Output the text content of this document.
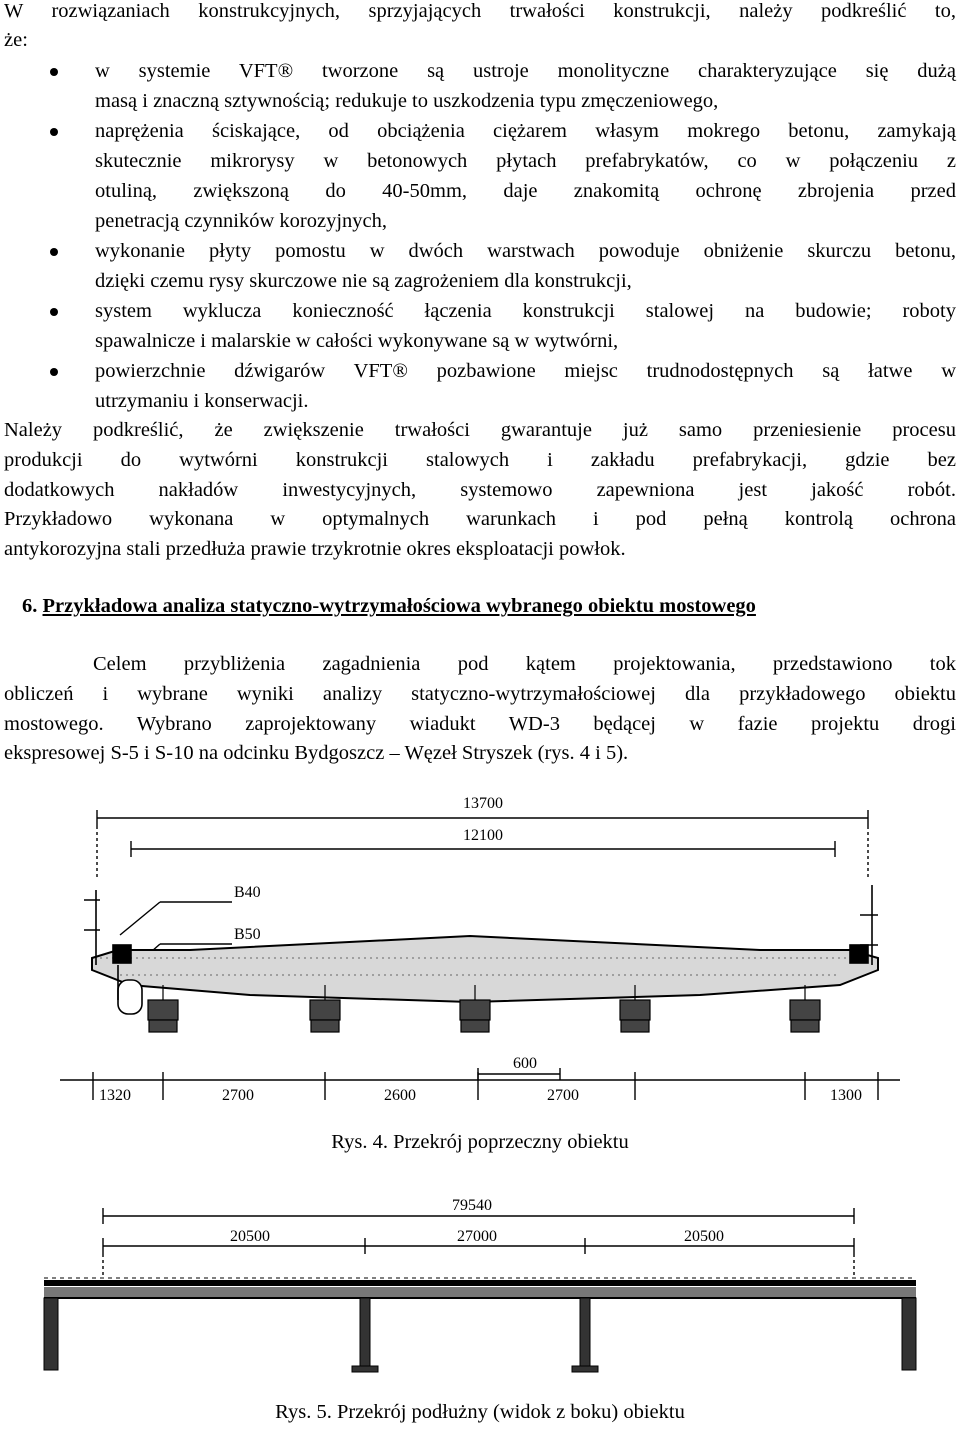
W rozwiązaniach konstrukcyjnych, sprzyjających trwałości konstrukcji, należy podkreślić to,
że:
w systemie VFT® tworzone są ustroje monolityczne charakteryzujące się dużą
masą i znaczną sztywnością; redukuje to uszkodzenia typu zmęczeniowego,
naprężenia ściskające, od obciążenia ciężarem własym mokrego betonu, zamykają
skutecznie mikrorysy w betonowych płytach prefabrykatów, co w połączeniu z
otuliną, zwiększoną do 40-50mm, daje znakomitą ochronę zbrojenia przed
penetracją czynników korozyjnych,
wykonanie płyty pomostu w dwóch warstwach powoduje obniżenie skurczu betonu,
dzięki czemu rysy skurczowe nie są zagrożeniem dla konstrukcji,
system wyklucza konieczność łączenia konstrukcji stalowej na budowie; roboty
spawalnicze i malarskie w całości wykonywane są w wytwórni,
powierzchnie dźwigarów VFT® pozbawione miejsc trudnodostępnych są łatwe w
utrzymaniu i konserwacji.
Należy podkreślić, że zwiększenie trwałości gwarantuje już samo przeniesienie procesu
produkcji do wytwórni konstrukcji stalowych i zakładu prefabrykacji, gdzie bez
dodatkowych nakładów inwestycyjnych, systemowo zapewniona jest jakość robót.
Przykładowo wykonana w optymalnych warunkach i pod pełną kontrolą ochrona
antykorozyjna stali przedłuża prawie trzykrotnie okres eksploatacji powłok.
6. Przykładowa analiza statyczno-wytrzymałościowa wybranego obiektu mostowego
Celem przybliżenia zagadnienia pod kątem projektowania, przedstawiono tok
obliczeń i wybrane wyniki analizy statyczno-wytrzymałościowej dla przykładowego obiektu
mostowego. Wybrano zaprojektowany wiadukt WD-3 będącej w fazie projektu drogi
ekspresowej S-5 i S-10 na odcinku Bydgoszcz – Węzeł Stryszek (rys. 4 i 5).
13700
12100
B40
B50
600
1320	2700	2600	2700	1300
Rys. 4. Przekrój poprzeczny obiektu
20500	27000	20500
79540
Rys. 5. Przekrój podłużny (widok z boku) obiektu
